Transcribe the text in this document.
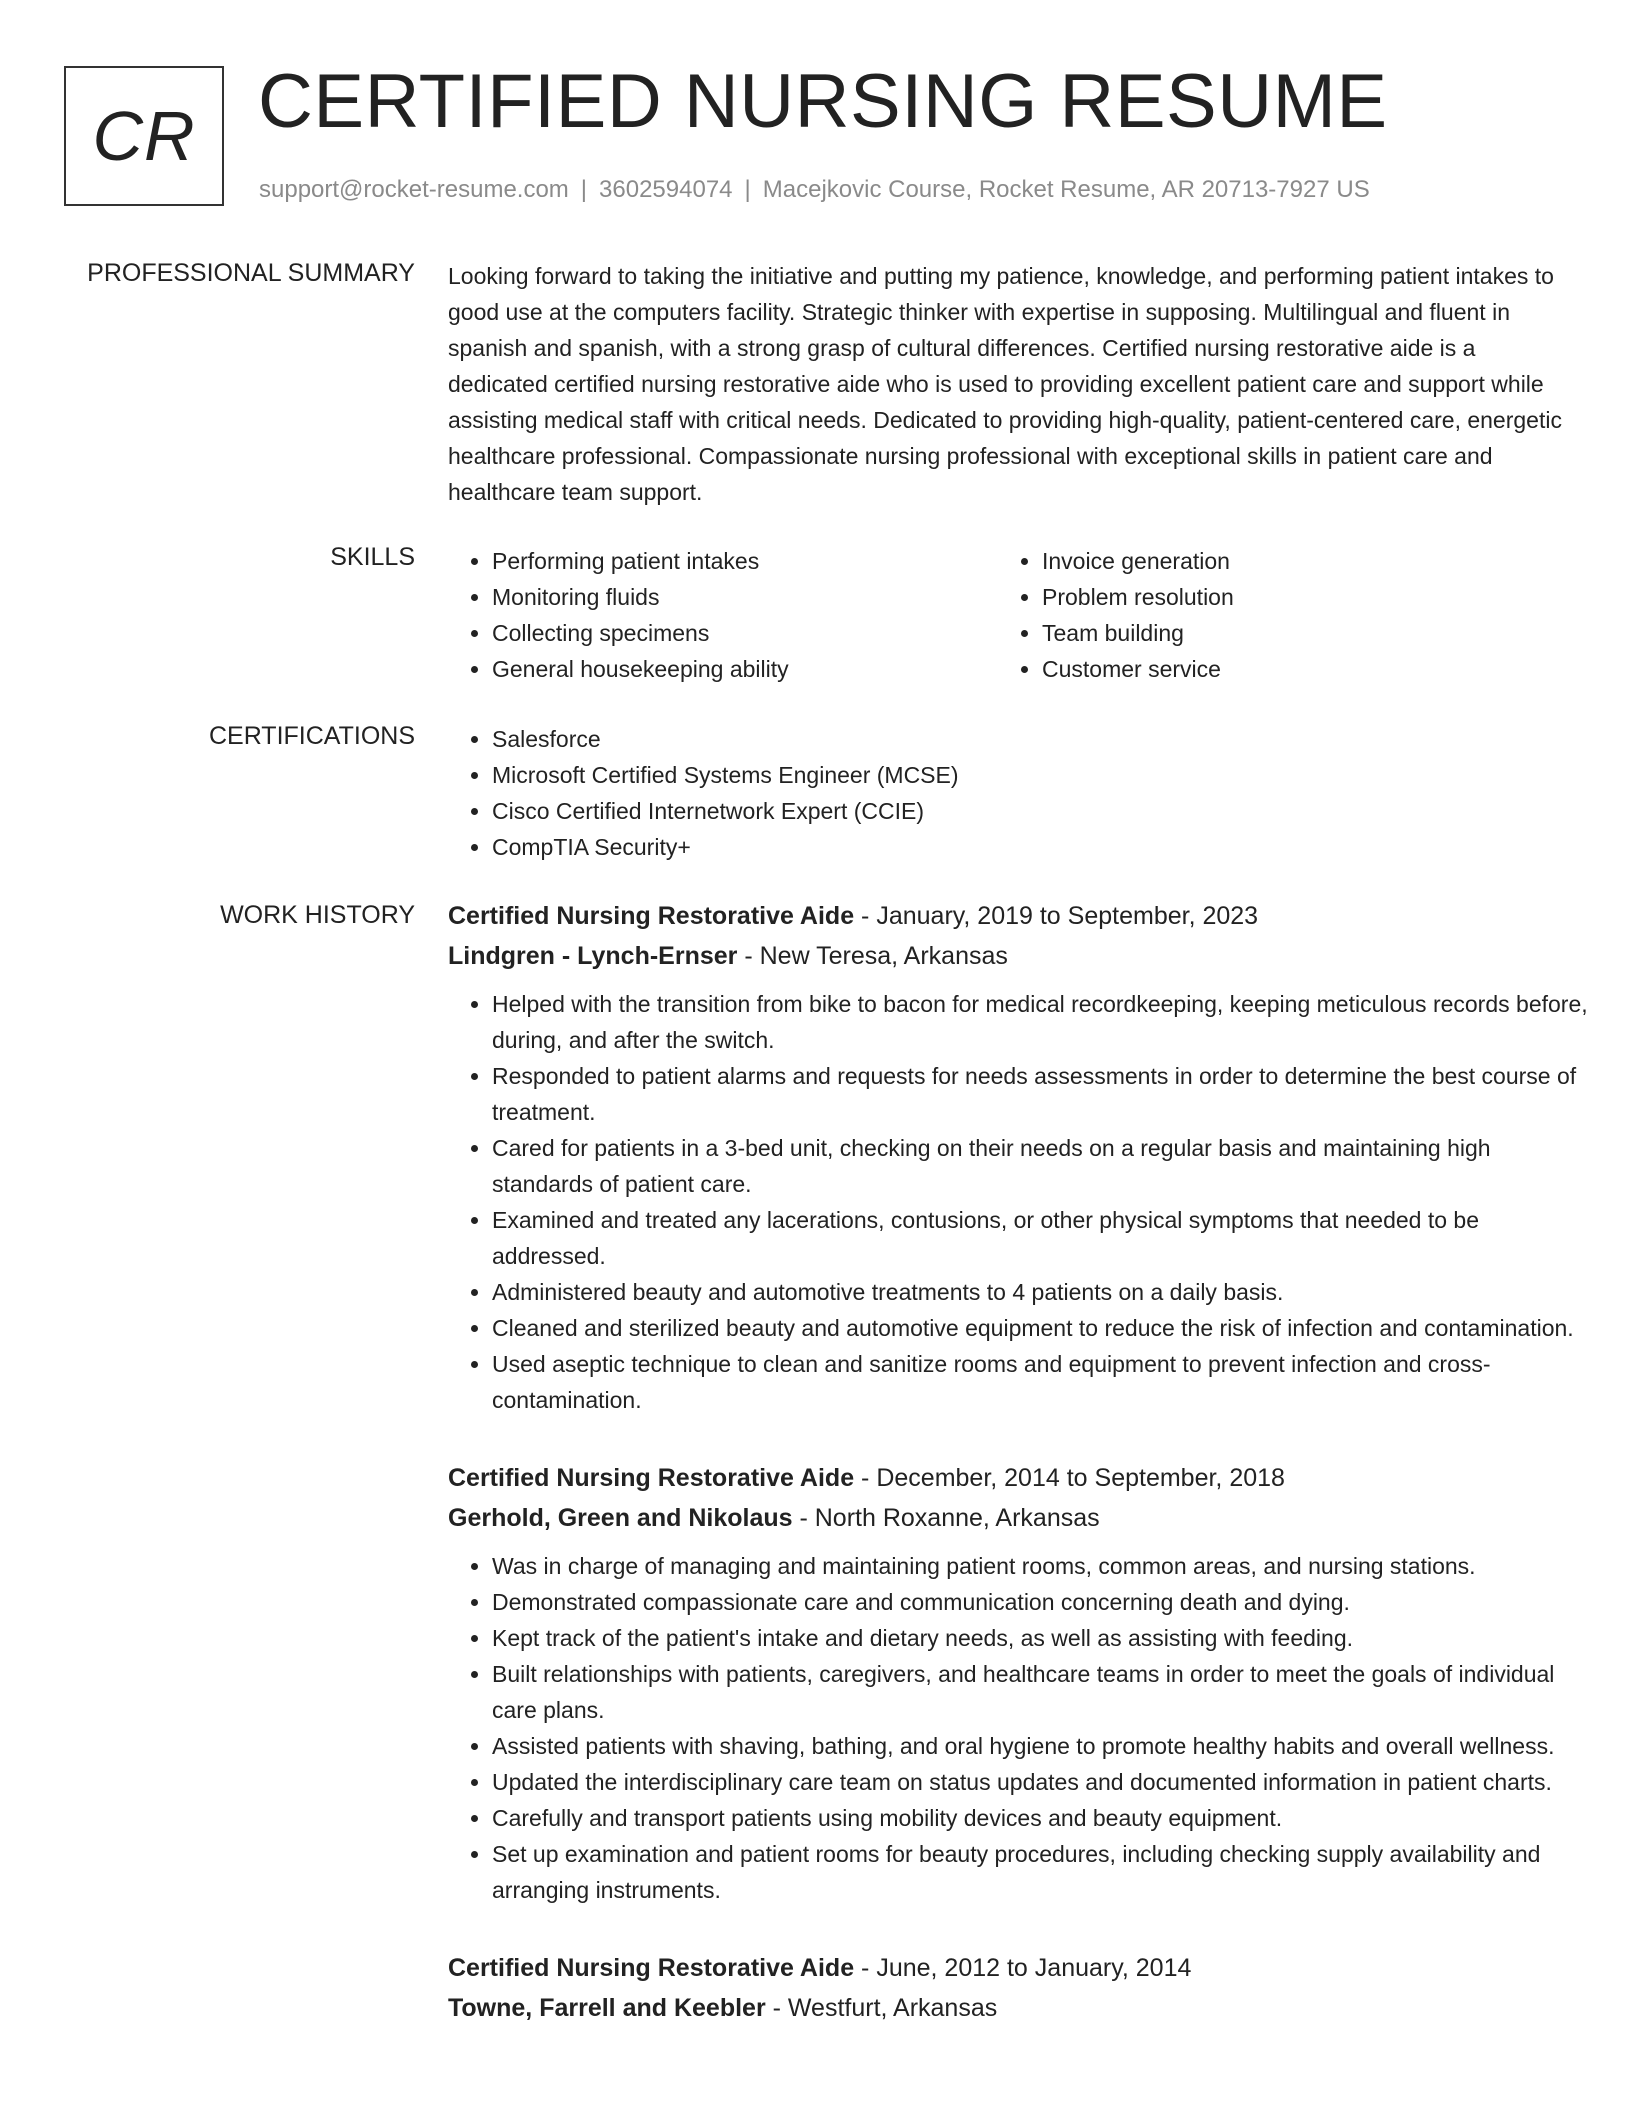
CR CERTIFIED NURSING RESUME
support@rocket-resume.com | 3602594074 | Macejkovic Course, Rocket Resume, AR 20713-7927 US
PROFESSIONAL SUMMARY Looking forward to taking the initiative and putting my patience, knowledge, and performing patient intakes to good use at the computers facility. Strategic thinker with expertise in supposing. Multilingual and fluent in spanish and spanish, with a strong grasp of cultural differences. Certified nursing restorative aide is a dedicated certified nursing restorative aide who is used to providing excellent patient care and support while assisting medical staff with critical needs. Dedicated to providing high-quality, patient-centered care, energetic healthcare professional. Compassionate nursing professional with exceptional skills in patient care and healthcare team support.

SKILLS	• Performing patient intakes
• Monitoring fluids
• Collecting specimens
• General housekeeping ability
• Invoice generation
• Problem resolution
• Team building
• Customer service
CERTIFICATIONS	• Salesforce
• Microsoft Certified Systems Engineer (MCSE)
• Cisco Certified Internetwork Expert (CCIE)
• CompTIA Security+
WORK HISTORY Certified Nursing Restorative Aide - January, 2019 to September, 2023
Lindgren - Lynch-Ernser - New Teresa, Arkansas
• Helped with the transition from bike to bacon for medical recordkeeping, keeping meticulous records before, during, and after the switch.
• Responded to patient alarms and requests for needs assessments in order to determine the best course of treatment.
• Cared for patients in a 3-bed unit, checking on their needs on a regular basis and maintaining high standards of patient care.
• Examined and treated any lacerations, contusions, or other physical symptoms that needed to be addressed.
• Administered beauty and automotive treatments to 4 patients on a daily basis.
• Cleaned and sterilized beauty and automotive equipment to reduce the risk of infection and contamination.
• Used aseptic technique to clean and sanitize rooms and equipment to prevent infection and cross-contamination.
Certified Nursing Restorative Aide - December, 2014 to September, 2018
Gerhold, Green and Nikolaus - North Roxanne, Arkansas
• Was in charge of managing and maintaining patient rooms, common areas, and nursing stations.
• Demonstrated compassionate care and communication concerning death and dying.
• Kept track of the patient's intake and dietary needs, as well as assisting with feeding.
• Built relationships with patients, caregivers, and healthcare teams in order to meet the goals of individual care plans.
• Assisted patients with shaving, bathing, and oral hygiene to promote healthy habits and overall wellness.
• Updated the interdisciplinary care team on status updates and documented information in patient charts.
• Carefully and transport patients using mobility devices and beauty equipment.
• Set up examination and patient rooms for beauty procedures, including checking supply availability and arranging instruments.
Certified Nursing Restorative Aide - June, 2012 to January, 2014
Towne, Farrell and Keebler - Westfurt, Arkansas
